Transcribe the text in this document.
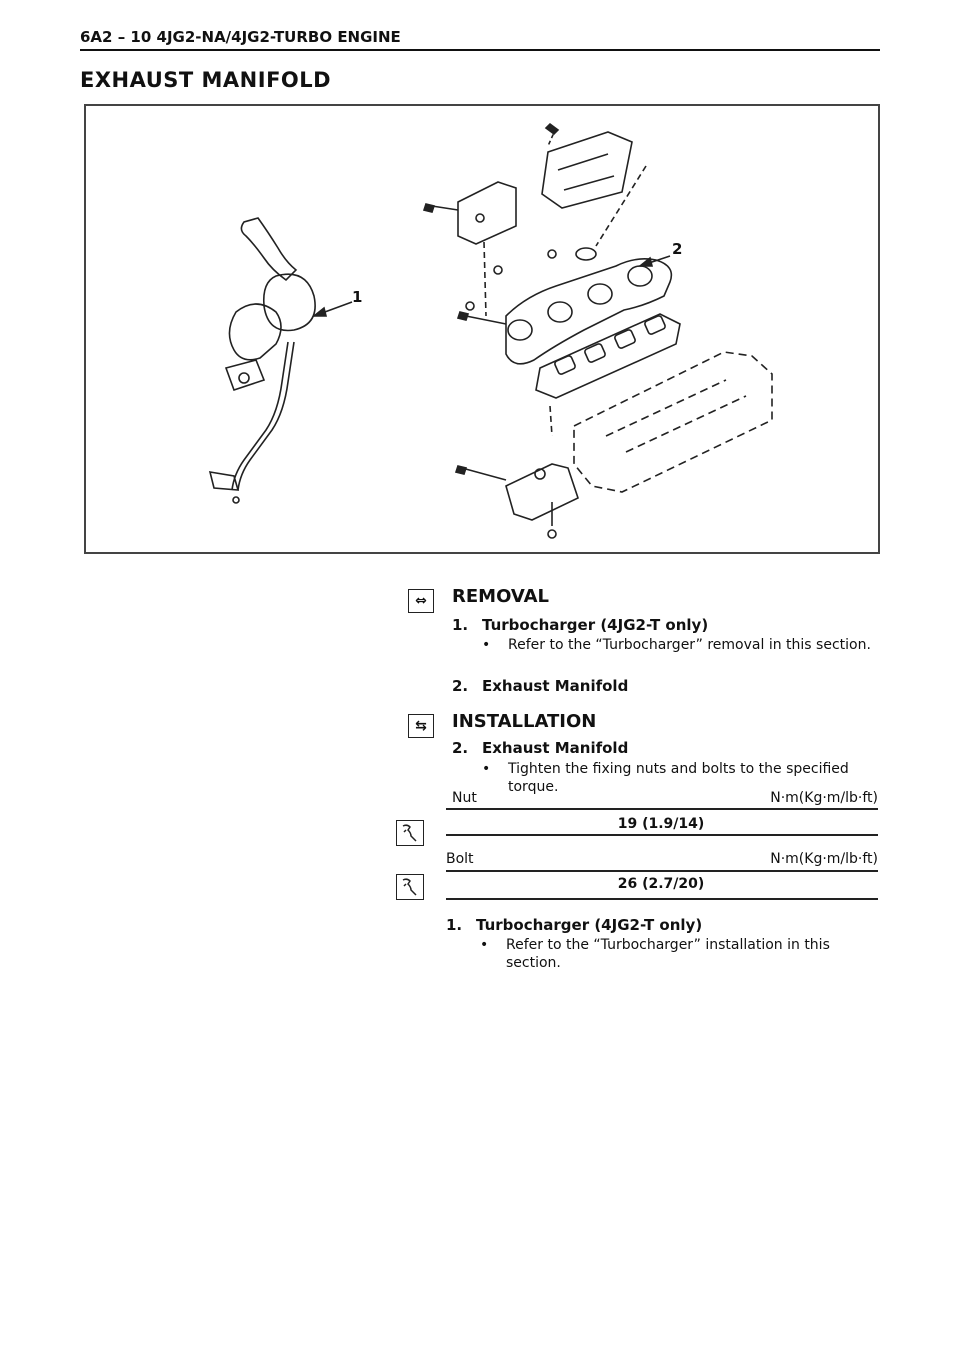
6A2 – 10 4JG2-NA/4JG2-TURBO ENGINE
EXHAUST MANIFOLD
1
2
⇔	REMOVAL
1. Turbocharger (4JG2-T only)
•	Refer to the “Turbocharger” removal in this section.
2. Exhaust Manifold
⇆	INSTALLATION
2. Exhaust Manifold
•	Tighten the fixing nuts and bolts to the specified torque.
Nut	N·m(Kg·m/lb·ft)
19 (1.9/14)
Bolt	N·m(Kg·m/lb·ft)
26 (2.7/20)
1. Turbocharger (4JG2-T only)
•	Refer to the “Turbocharger” installation in this section.
